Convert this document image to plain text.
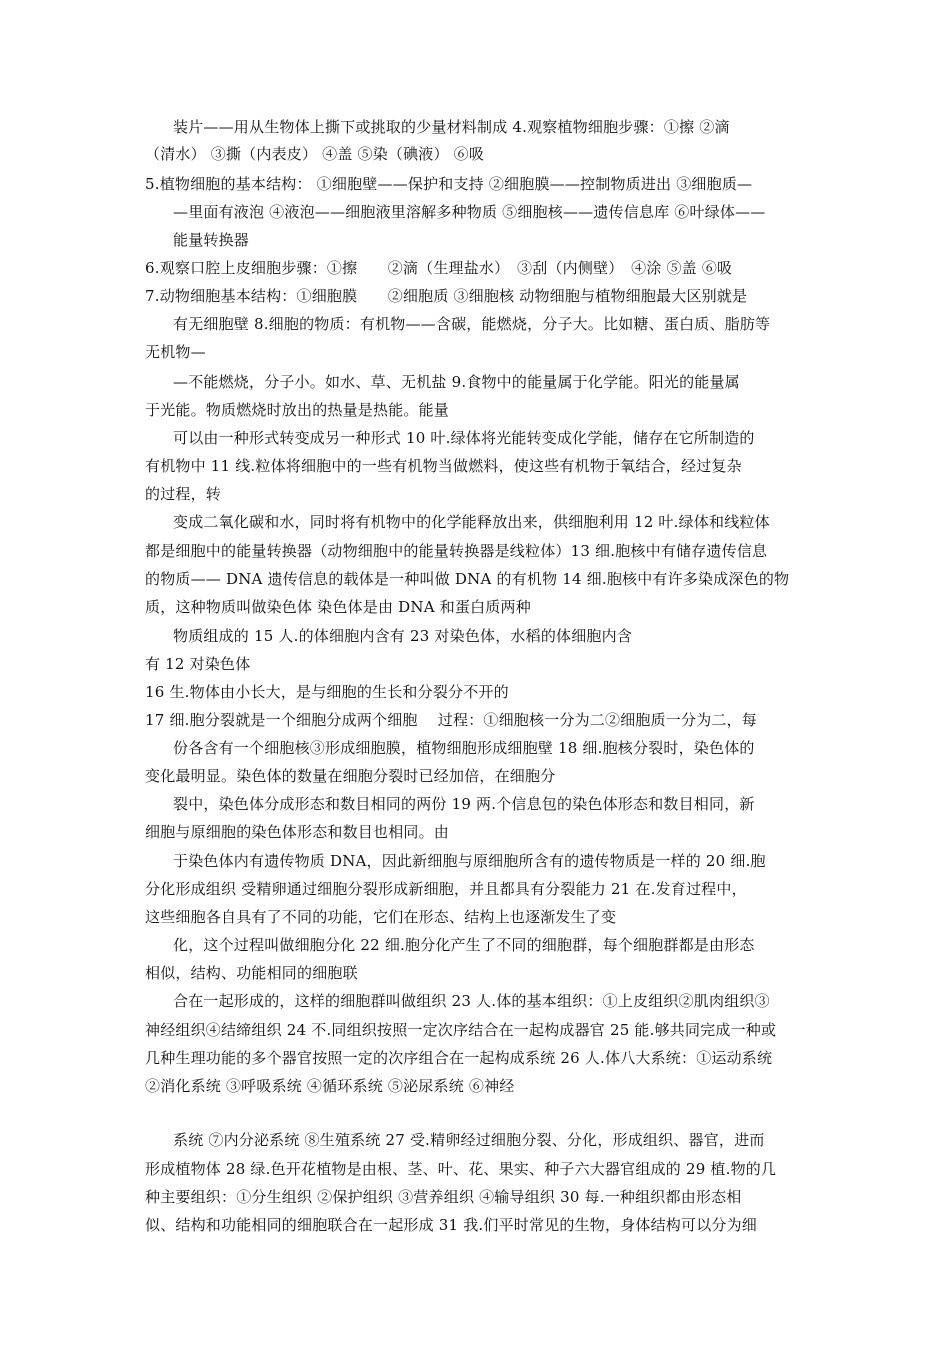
装片——用从生物体上撕下或挑取的少量材料制成 4.观察植物细胞步骤：①擦 ②滴
（清水） ③撕（内表皮） ④盖 ⑤染（碘液） ⑥吸
5.植物细胞的基本结构： ①细胞壁——保护和支持 ②细胞膜——控制物质进出 ③细胞质—
—里面有液泡 ④液泡——细胞液里溶解多种物质 ⑤细胞核——遗传信息库 ⑥叶绿体——
能量转换器
6.观察口腔上皮细胞步骤：①擦　　②滴（生理盐水）　③刮（内侧壁）　④涂 ⑤盖 ⑥吸
7.动物细胞基本结构：①细胞膜　　②细胞质 ③细胞核 动物细胞与植物细胞最大区别就是
有无细胞壁 8.细胞的物质：有机物——含碳，能燃烧，分子大。比如糖、蛋白质、脂肪等
无机物—
—不能燃烧，分子小。如水、草、无机盐 9.食物中的能量属于化学能。阳光的能量属
于光能。物质燃烧时放出的热量是热能。能量
可以由一种形式转变成另一种形式 10 叶.绿体将光能转变成化学能，储存在它所制造的
有机物中 11 线.粒体将细胞中的一些有机物当做燃料，使这些有机物于氧结合，经过复杂
的过程，转
变成二氧化碳和水，同时将有机物中的化学能释放出来，供细胞利用 12 叶.绿体和线粒体
都是细胞中的能量转换器（动物细胞中的能量转换器是线粒体）13 细.胞核中有储存遗传信息
的物质—— DNA 遗传信息的载体是一种叫做 DNA 的有机物 14 细.胞核中有许多染成深色的物
质，这种物质叫做染色体 染色体是由 DNA 和蛋白质两种
物质组成的 15 人.的体细胞内含有 23 对染色体，水稻的体细胞内含
有 12 对染色体
16 生.物体由小长大，是与细胞的生长和分裂分不开的
17 细.胞分裂就是一个细胞分成两个细胞　 过程：①细胞核一分为二②细胞质一分为二，每
份各含有一个细胞核③形成细胞膜，植物细胞形成细胞壁 18 细.胞核分裂时，染色体的
变化最明显。染色体的数量在细胞分裂时已经加倍，在细胞分
裂中，染色体分成形态和数目相同的两份 19 两.个信息包的染色体形态和数目相同，新
细胞与原细胞的染色体形态和数目也相同。由
于染色体内有遗传物质 DNA，因此新细胞与原细胞所含有的遗传物质是一样的 20 细.胞
分化形成组织 受精卵通过细胞分裂形成新细胞，并且都具有分裂能力 21 在.发育过程中，
这些细胞各自具有了不同的功能，它们在形态、结构上也逐渐发生了变
化，这个过程叫做细胞分化 22 细.胞分化产生了不同的细胞群，每个细胞群都是由形态
相似，结构、功能相同的细胞联
合在一起形成的，这样的细胞群叫做组织 23 人.体的基本组织：①上皮组织②肌肉组织③
神经组织④结缔组织 24 不.同组织按照一定次序结合在一起构成器官 25 能.够共同完成一种或
几种生理功能的多个器官按照一定的次序组合在一起构成系统 26 人.体八大系统：①运动系统
②消化系统 ③呼吸系统 ④循环系统 ⑤泌尿系统 ⑥神经
系统 ⑦内分泌系统 ⑧生殖系统 27 受.精卵经过细胞分裂、分化，形成组织、器官，进而
形成植物体 28 绿.色开花植物是由根、茎、叶、花、果实、种子六大器官组成的 29 植.物的几
种主要组织：①分生组织 ②保护组织 ③营养组织 ④输导组织 30 每.一种组织都由形态相
似、结构和功能相同的细胞联合在一起形成 31 我.们平时常见的生物，身体结构可以分为细
